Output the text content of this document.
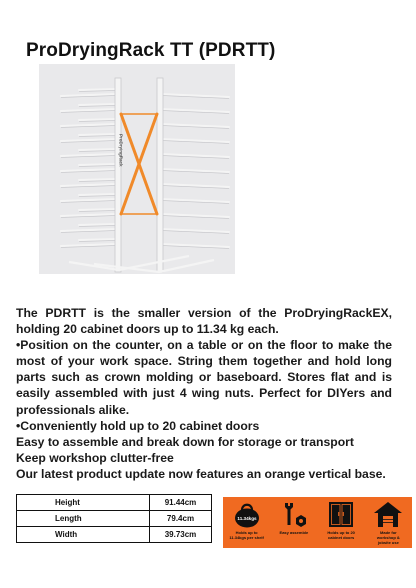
ProDryingRack TT (PDRTT)
ProDryingRack

The PDRTT is the smaller version of the ProDryingRackEX, holding 20 cabinet doors up to 11.34 kg each.

•Position on the counter, on a table or on the floor to make the most of your work space. String them together and hold long parts such as crown molding or baseboard. Stores flat and is easily assembled with just 4 wing nuts. Perfect for DIYers and professionals alike.

•Conveniently hold up to 20 cabinet doors

Easy to assemble and break down for storage or transport

Keep workshop clutter-free

Our latest product update now features an orange vertical base.

Height	91.44cm
Length	79.4cm
Width	39.73cm
11.34kgs
Holds up to 11.34kgs per shelf
Easy assemble	Holds up to 20 cabinet doors
Made for workshop & jobsite use
